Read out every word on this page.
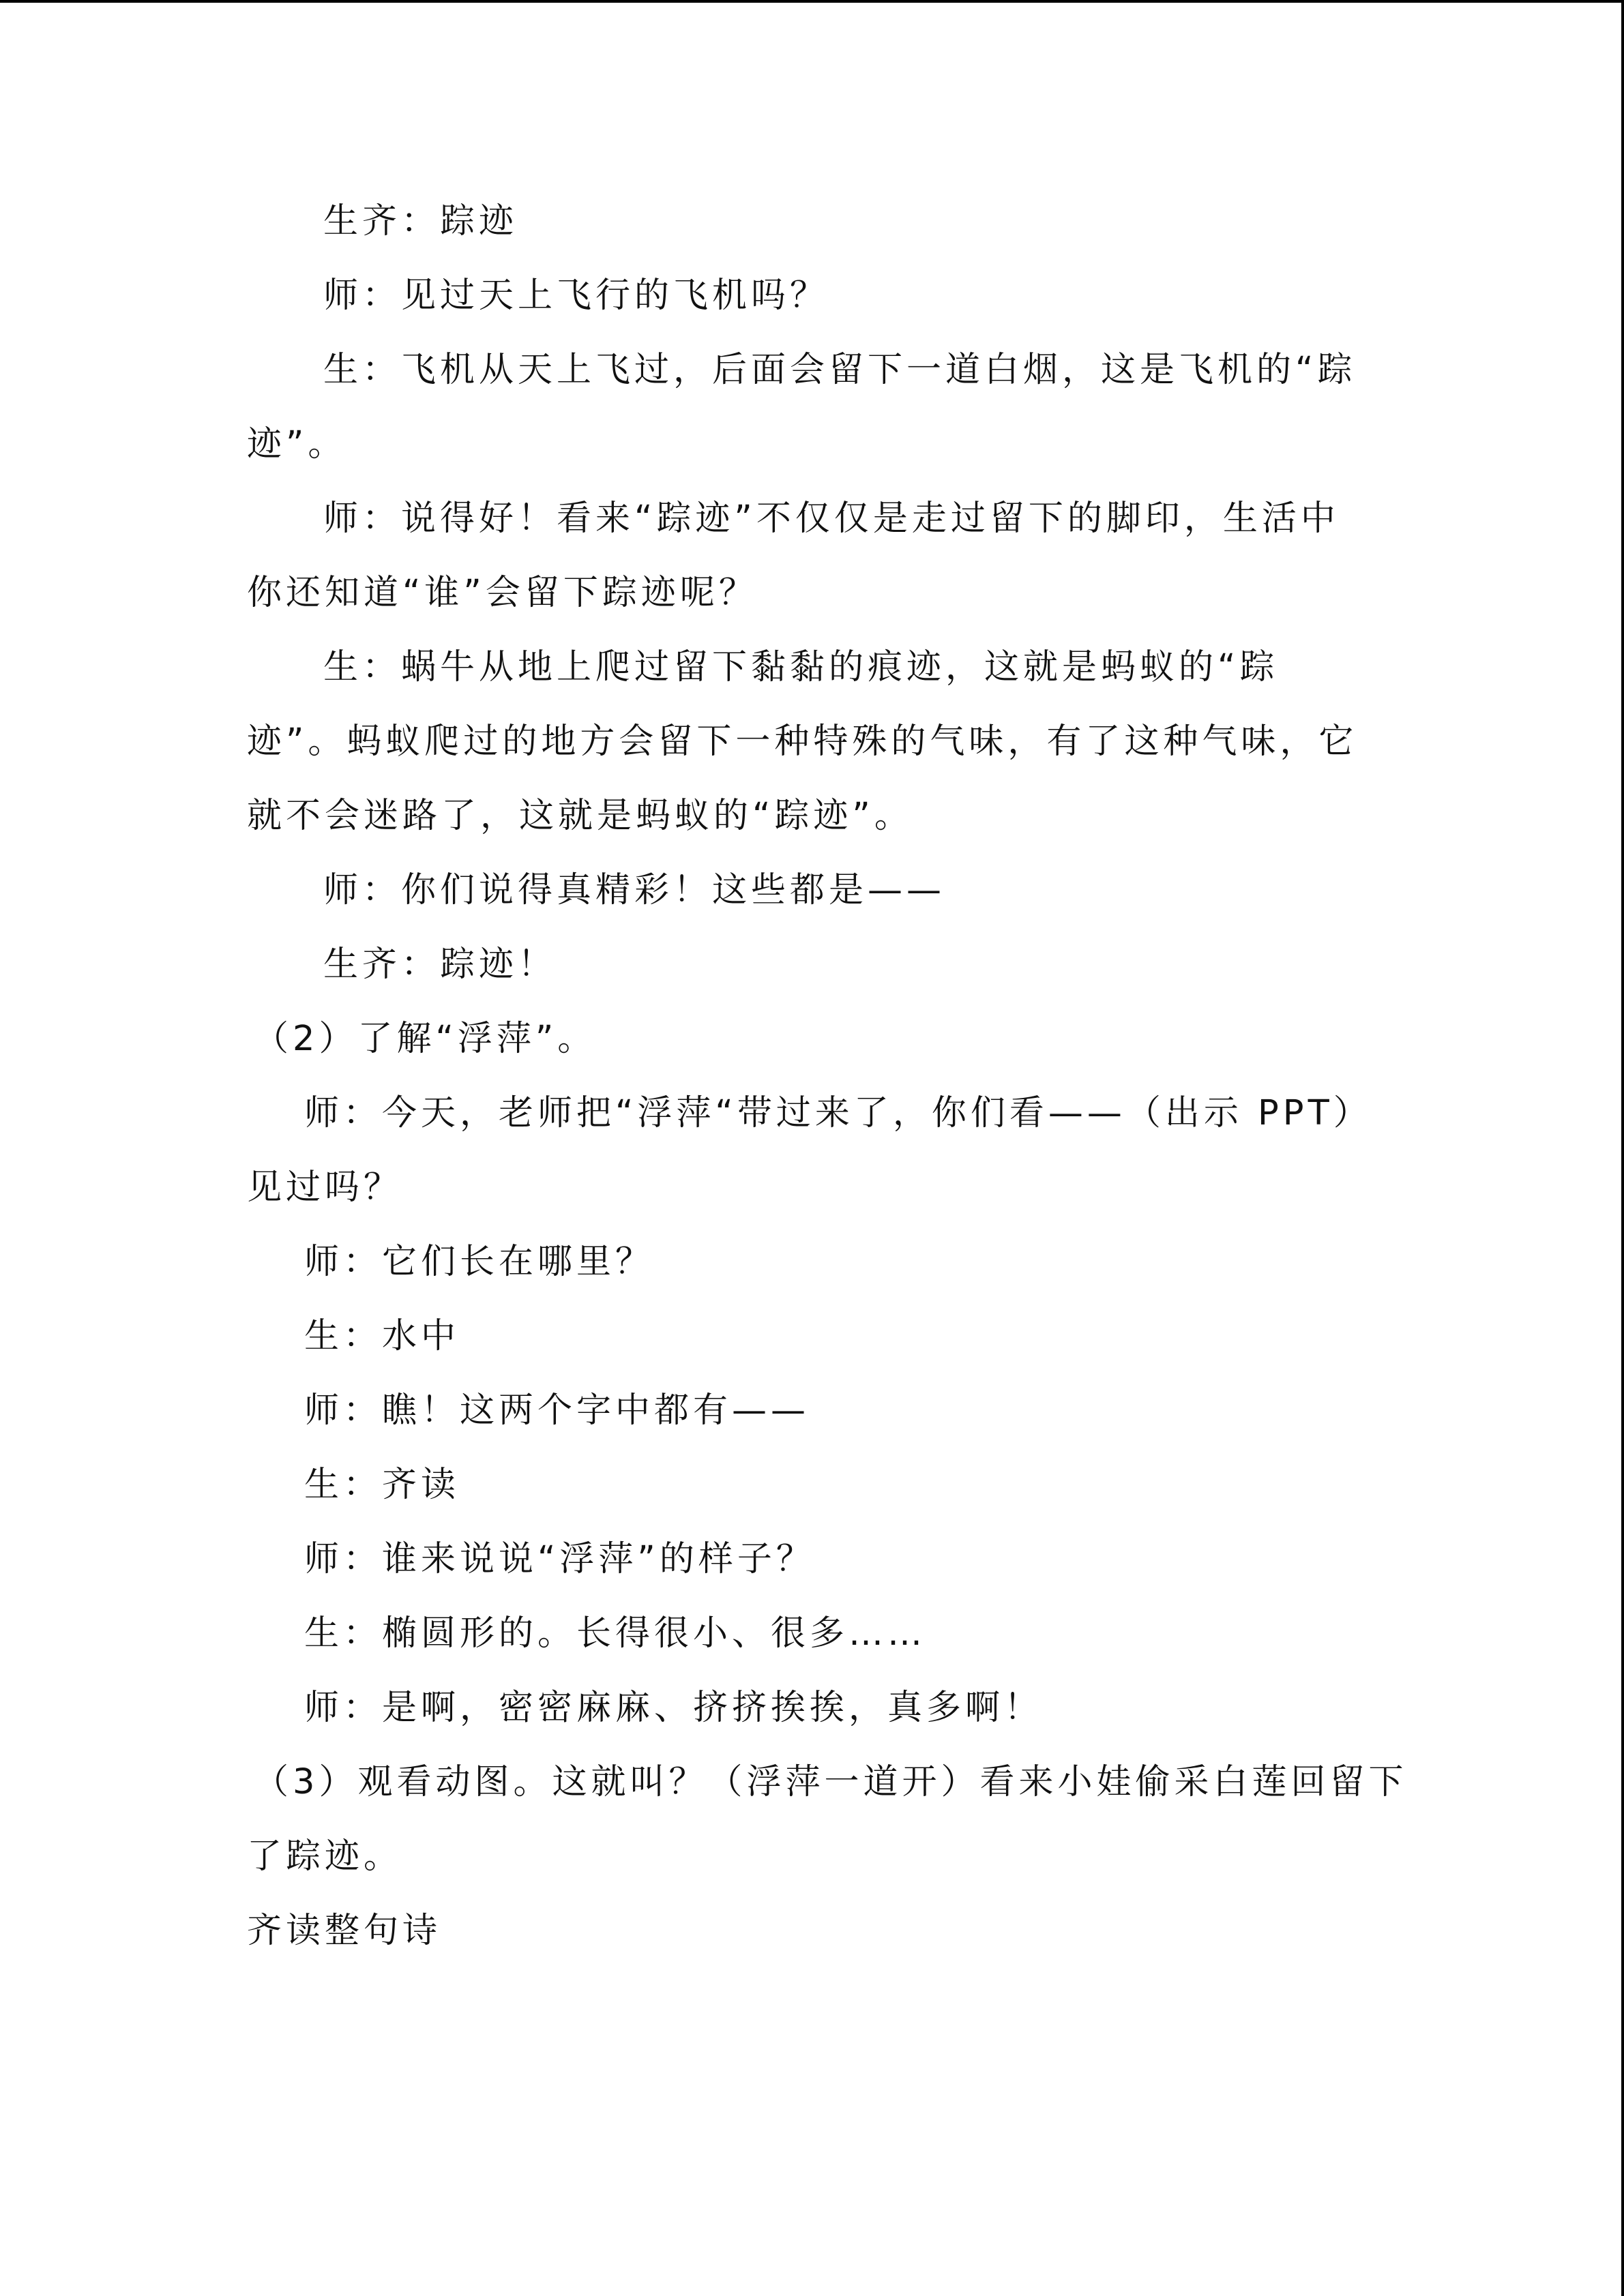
生齐：踪迹
师：见过天上飞行的飞机吗？
生：飞机从天上飞过，后面会留下一道白烟，这是飞机的“踪
迹”。
师：说得好！看来“踪迹”不仅仅是走过留下的脚印，生活中
你还知道“谁”会留下踪迹呢？
生：蜗牛从地上爬过留下黏黏的痕迹，这就是蚂蚁的“踪
迹”。蚂蚁爬过的地方会留下一种特殊的气味，有了这种气味，它
就不会迷路了，这就是蚂蚁的“踪迹”。
师：你们说得真精彩！这些都是——
生齐：踪迹！
（2）了解“浮萍”。
师：今天，老师把“浮萍“带过来了，你们看——（出示 PPT）
见过吗？
师：它们长在哪里？
生：水中
师：瞧！这两个字中都有——
生：齐读
师：谁来说说“浮萍”的样子？
生：椭圆形的。长得很小、很多……
师：是啊，密密麻麻、挤挤挨挨，真多啊！
（3）观看动图。这就叫？（浮萍一道开）看来小娃偷采白莲回留下
了踪迹。
齐读整句诗
